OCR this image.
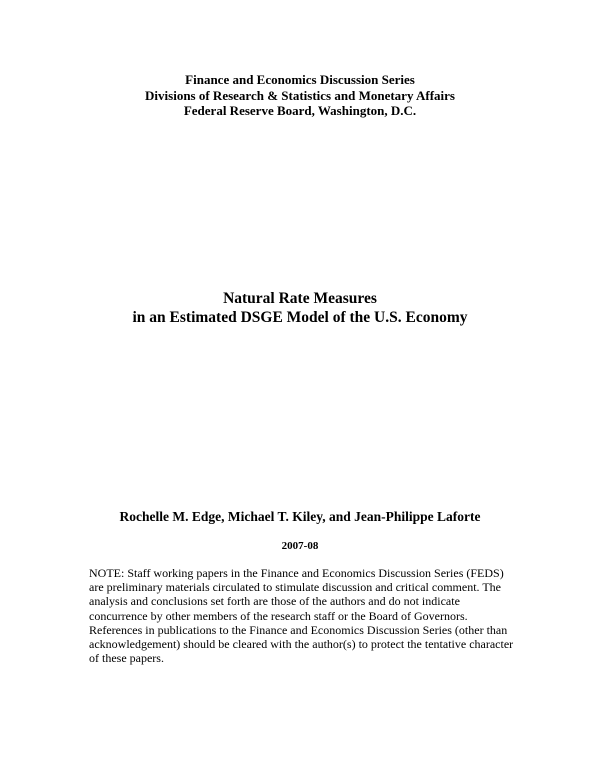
Finance and Economics Discussion Series
Divisions of Research & Statistics and Monetary Affairs
Federal Reserve Board, Washington, D.C.
Natural Rate Measures
in an Estimated DSGE Model of the U.S. Economy
Rochelle M. Edge, Michael T. Kiley, and Jean-Philippe Laforte
2007-08
NOTE: Staff working papers in the Finance and Economics Discussion Series (FEDS)
are preliminary materials circulated to stimulate discussion and critical comment. The
analysis and conclusions set forth are those of the authors and do not indicate
concurrence by other members of the research staff or the Board of Governors.
References in publications to the Finance and Economics Discussion Series (other than
acknowledgement) should be cleared with the author(s) to protect the tentative character
of these papers.
